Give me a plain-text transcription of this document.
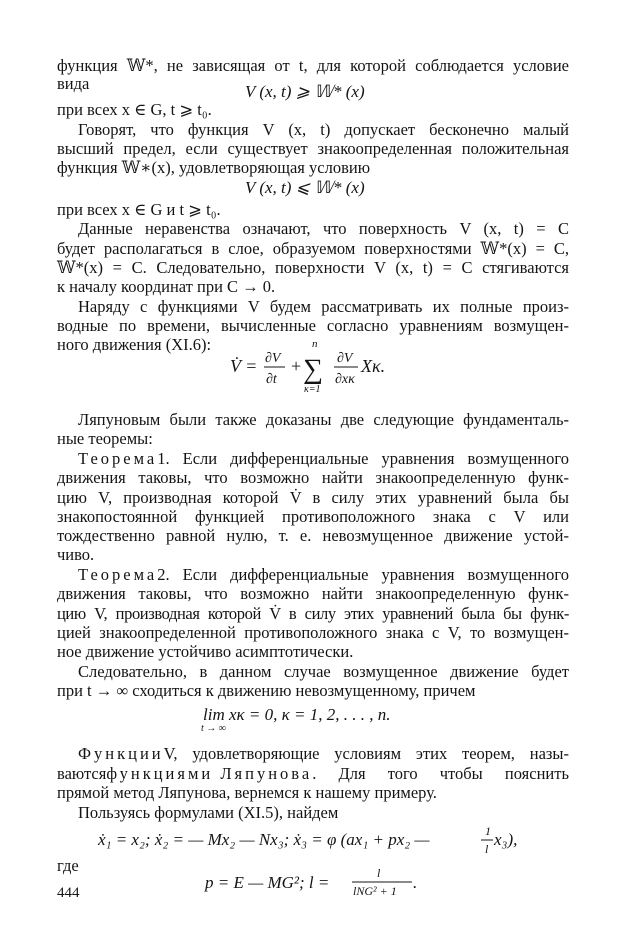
функция 𝕎*, не зависящая от t, для которой соблюдается условие
вида	V (x, t) ⩾ 𝕎* (x)
при всех x ∈ G, t ⩾ t₀.
Говорят, что функция V (x, t) допускает бесконечно малый
высший предел, если существует знакоопределенная положительная
функция 𝕎∗(x), удовлетворяющая условию
V (x, t) ⩽ 𝕎* (x)
при всех x ∈ G и t ⩾ t₀.
Данные неравенства означают, что поверхность V (x, t) = C
будет располагаться в слое, образуемом поверхностями 𝕎*(x) = C,
𝕎*(x) = C. Следовательно, поверхности V (x, t) = C стягиваются
к началу координат при C → 0.
Наряду с функциями V будем рассматривать их полные произ-
водные по времени, вычисленные согласно уравнениям возмущен-
ного движения (XI.6):
V̇ = ∂V
∂t
+
n
∑
κ=1
∂V
∂xκ
Xκ.
Ляпуновым были также доказаны две следующие фундаменталь-
ные теоремы:
Теорема 1. Если дифференциальные уравнения возмущенного
движения таковы, что возможно найти знакоопределенную функ-
цию V, производная которой V̇ в силу этих уравнений была бы
знакопостоянной функцией противоположного знака с V или
тождественно равной нулю, т. е. невозмущенное движение устой-
чиво.
Теорема 2. Если дифференциальные уравнения возмущенного
движения таковы, что возможно найти знакоопределенную функ-
цию V, производная которой V̇ в силу этих уравнений была бы функ-
цией знакоопределенной противоположного знака с V, то возмущен-
ное движение устойчиво асимптотически.
Следовательно, в данном случае возмущенное движение будет
при t → ∞ сходиться к движению невозмущенному, причем
lim xκ = 0, κ = 1, 2, . . . , n.
t → ∞
Функции V, удовлетворяющие условиям этих теорем, назы-
ваются функциями Ляпунова . Для того чтобы пояснить
прямой метод Ляпунова, вернемся к нашему примеру.
Пользуясь формулами (XI.5), найдем
ẋ₁ = x₂; ẋ₂ = — Mx₂ — Nx₃; ẋ₃ = φ (ax₁ + px₂ —	1
l x₃),
где
p = E — MG²; l =	l
lNG² + 1 .
444
